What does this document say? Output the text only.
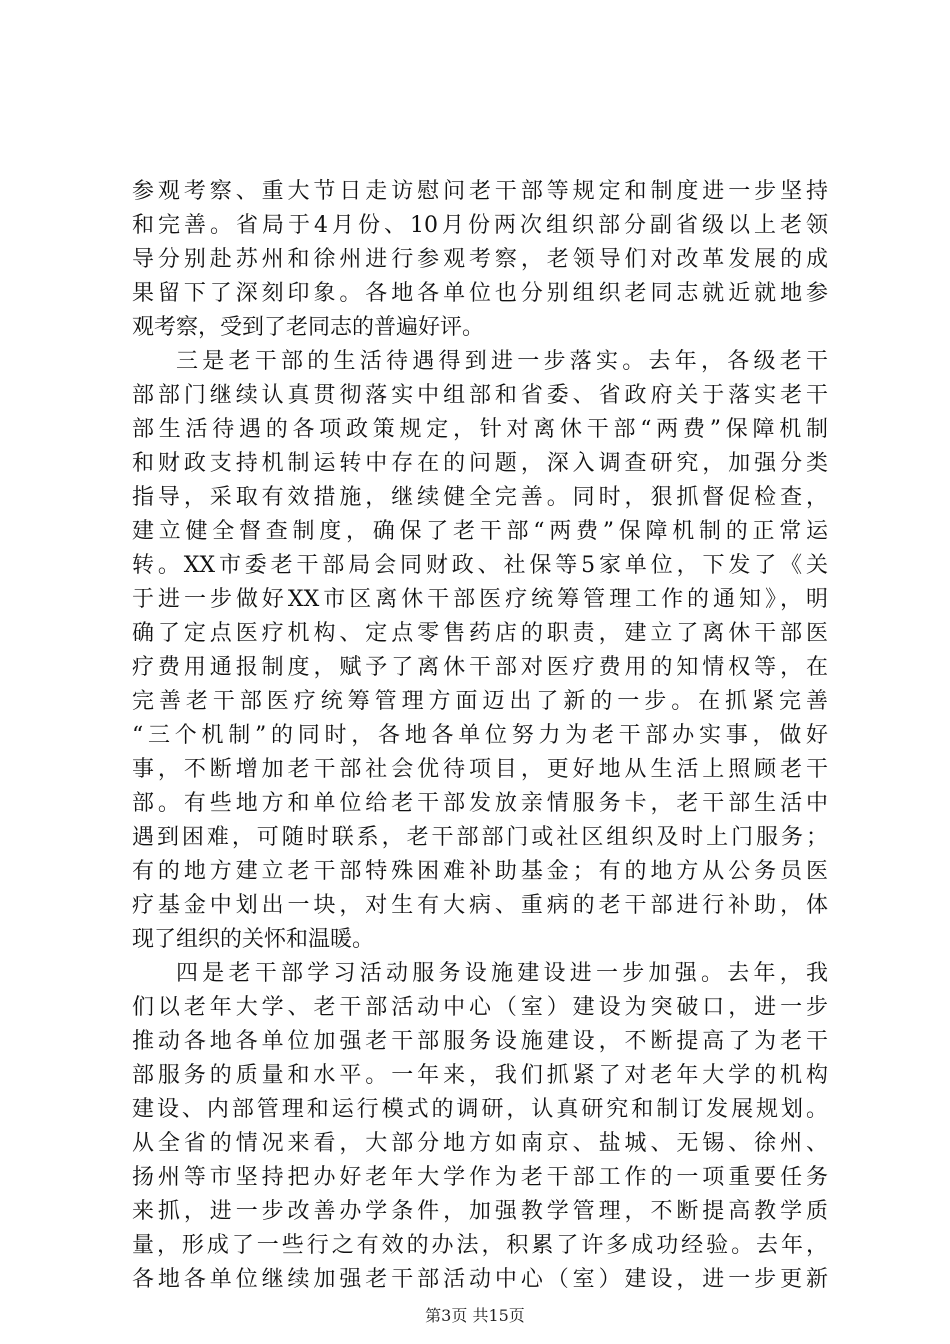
参观考察、重大节日走访慰问老干部等规定和制度进一步坚持
和完善。省局于4月份、10月份两次组织部分副省级以上老领
导分别赴苏州和徐州进行参观考察，老领导们对改革发展的成
果留下了深刻印象。各地各单位也分别组织老同志就近就地参
观考察，受到了老同志的普遍好评。
三是老干部的生活待遇得到进一步落实。去年，各级老干
部部门继续认真贯彻落实中组部和省委、省政府关于落实老干
部生活待遇的各项政策规定，针对离休干部“两费”保障机制
和财政支持机制运转中存在的问题，深入调查研究，加强分类
指导，采取有效措施，继续健全完善。同时，狠抓督促检查，
建立健全督查制度，确保了老干部“两费”保障机制的正常运
转。XX市委老干部局会同财政、社保等5家单位，下发了《关
于进一步做好XX市区离休干部医疗统筹管理工作的通知》，明
确了定点医疗机构、定点零售药店的职责，建立了离休干部医
疗费用通报制度，赋予了离休干部对医疗费用的知情权等，在
完善老干部医疗统筹管理方面迈出了新的一步。在抓紧完善
“三个机制”的同时，各地各单位努力为老干部办实事，做好
事，不断增加老干部社会优待项目，更好地从生活上照顾老干
部。有些地方和单位给老干部发放亲情服务卡，老干部生活中
遇到困难，可随时联系，老干部部门或社区组织及时上门服务；
有的地方建立老干部特殊困难补助基金；有的地方从公务员医
疗基金中划出一块，对生有大病、重病的老干部进行补助，体
现了组织的关怀和温暖。
四是老干部学习活动服务设施建设进一步加强。去年，我
们以老年大学、老干部活动中心（室）建设为突破口，进一步
推动各地各单位加强老干部服务设施建设，不断提高了为老干
部服务的质量和水平。一年来，我们抓紧了对老年大学的机构
建设、内部管理和运行模式的调研，认真研究和制订发展规划。
从全省的情况来看，大部分地方如南京、盐城、无锡、徐州、
扬州等市坚持把办好老年大学作为老干部工作的一项重要任务
来抓，进一步改善办学条件，加强教学管理，不断提高教学质
量，形成了一些行之有效的办法，积累了许多成功经验。去年，
各地各单位继续加强老干部活动中心（室）建设，进一步更新
第3页 共15页
